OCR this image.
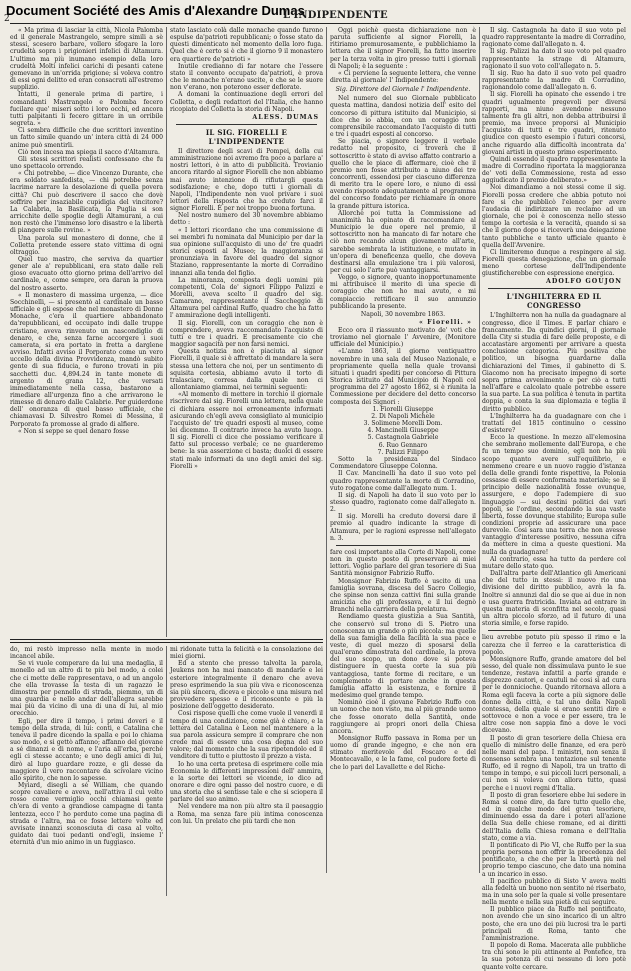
Document Société des Amis d'Alexandre Dumas
2	L'INDIPENDENTE

« Ma prima di lasciar la città, Nicola Palomba ed il generale Mastrangelo, sempre simili a sè stessi, scesero barbare, vollero sfogare la loro crudeltà sopra i prigionieri infelici di Altamura. L'ultimo ma più inumano esempio della loro crudeltà Molti infelici carichi di pesanti catene gemevano in un'orrida prigione; si voleva contro di essi ogni delitto ed eran consacrati all'estremo supplizio.

Intatti, il generale prima di partire, i comandanti Mastrangelo e Palomba fecero fucilare que' miseri sotto i loro occhi, ed ancora tutti palpitanti li fecero gittare in un orribile segreta. »

Ci sembra difficile che due scrittori inventino un fatto simile quando un' intera città di 24 000 anime può smentirli.

Ciò non incesa ma spiega il sacco d'Altamura.

Gli stessi scrittori realisti confessano che fu uno spettacolo orrendo.

« Chi potrebbe, — dice Vincenzo Durante, che era soldato sanfedista, — chi potrebbe senza lacrime narrare la desolazione di quella povera città? Chi può descrivere il sacco che dovè soffrire per insaziabile cupidigia del vincitore? La Calabria, la Basilicata, la Puglia si son arricchite delle spoglie degli Altamurani, a cui non restò che l'immenso loro disastro e la libertà di piangere sulle rovine. »

Una parola sul monastero di donne, che il Colletta pretende essere stato vittima di ogni oltraggio.

Quel tuo mastro, che serviva da quartier gener ale a' repubblicani, era stato dalle reli gioso evacuato otto giorno prima dell'arrivo del cardinale, e, come sempre, ora daran la pruova del nostro asserto.

« Il monastero di massima urgenza, — dice Socchinelli, — si presentò al cardinale un basso ufficiale e gli espose che nel monastero di Donne Monache, c'era il quartiere abbandonato da'repubblicani, ed occupato indi dalle truppe cristiane, aveva rinvenuto un nascondiglio di denaro, e che, senza farne accorgere i suoi camerata, si era portato in fretta a darglene avviso. Infatti avviso il Porporato come un vero uccello della divina Provvidenza, mandò subito gente di sua fiducia, e furono trovati in più sacchetti duc. 4,894.24 in tante monete di argento di grana 12, che versati immediatamente nella cassa, bastarono a rimediare all'urgenza fino a che arrivarono le rimesse di denaro dalle Calabrie. Per guiderdone dell' onoranza di quel basso ufficiale, che chiamavasi D. Silvestro Romei di Messina, il Porporato fa promosse al grado di alfiere.

« Non si seppe se quel denaro fosse

stato lasciato colà dalle monache quando furono espulse da'patrioti repubblicani; o fosse stato da questi dimenticato nel momento della loro fuga. Quel che è certo si è che il giorno 9 il monastero era quartiere de'patrioti »

Inutile credianno di far notare che l'essere stato il convento occupato da'patrioti, è prova che le monache n'erano uscite, e che se le suore non v'erano, non poterono esser deflorate.

A domani la continuazione degli errori del Colletta, e degli redattori del l'Italia, che hanno ricopiato del Colletta la storia di Napoli.

ALESS. DUMAS
IL SIG. FIORELLI E L'INDIPENDENTE

Il direttore degli scavi di Pompei, della cui amministrazione noi avremo fra poco a parlare a' nostri lettori, è in atto di pubblicità. Trovianio ancora ritardo al signor Fiorelli che non abbiamo mai avuto intenzione di rifiutargli questa sodisfazione; e che, dopo tutti i giornali di Napoli, l'Indipendente non vuol privare i suoi lettori della risposta che ha creduto farci il signor Fiorelli. È per noi troppo buona fortuna.

Nel nostro numero del 30 novembre abbiamo detto :

« I lettori ricordano che una commissione di sei membri fu nominata dal Municipio per dar la sua opinione sull'acquisto di uno de' tre quadri storici esposti al Museo; la maggioranza si pronunziava in favore del quadro del signor Staziano, rappresentante la morte di Corradino innanzi alla tenda del figlio.

La minoranza, composta degli uomini più competenti, Cola de' signori Filippo Palizzi e Morelli, aveva scelto il quadro del sig. Camarano, rappresentante il Saccheggio di Altamura pel cardinal Ruffo, quadro che ha fatto l' ammirazione degli intelligenti.

Il sig. Fiorelli, con un coraggio che non è comprendere, aveva raccomandato l'acquisto di tutti e tre i quadri. E precisamente cio che maggior sagacità per non farsi nemici.

Questa notizia non è piaciuta al signor Fiorelli, il quale si è affrettato di mandare la sera stessa una lettera che noi, per un sentimento di squisita cortesia, abbiamo avuto il torto di tralasciare, corresa dalla quale non ci allontaniamo giammai, nei termini seguenti:

«Al momento di mettere in torchio il giornale riscrivere dal sig. Fiorelli una lettera, nella quale ci dichiara essere noi erroneamente informati asicurando ch'egli aveva consigliato al municipio l'acquisto de' tre quadri esposti al museo, come lei dicemmo. Il contrario invece ha avuto luogo. Il sig. Fiorelli ci dice che possiamo verificare il fatto sul processo verbale; ce ne guarderemo bene: la sua asserzione ci basta; duolci di essere stati male informati da uno degli amici del sig. Fiorelli »

Oggi poichè questa dichiarazione non è paruta sufficiente al signor Fiorelli, la ritiriamo premurosamente, e pubblichiamo la lettera che il signor Fiorelli, ha fatto inserire per la terza volta in giro presso tutti i giornali di Napoli; è la seguente :

« Ci perviene la seguente lettera, che venne diretta al giornale' l' Indipendente:

Sig. Direttore del Giornale l' Indipendente.

Nel numero del suo Giornale pubblicato questa mattina, dandosi notizia dell' esito del concorso di pittura istituito dal Municipio, si dice che io abbia, con un coraggio non comprensibile raccomandato l'acquisto di tutti e tre i quadri esposti al concorso.

Se piacia, o signore leggere il verbale redatto nel proposito, ci troverà che il sottoscritto è stato di avviso affatto contrario a quello che le piace di affermare, cioè che il premio non fosse attribuito a niuno dei tre concorrenti, essendosi per ciascuno differenza di merito tra le opere loro, e niuno di essi avendo risposto adeguatamente al programma del concorso fondato per richiamare in onore la grande pittura istorica.

Allorchè poi tutta la Commissione ad unanimità ha opinato di raccomandare al Municipio le due opere nel premio, il sottoscritto non ha mancato di far notare che ciò non recando alcun giovamento all'arte, sarebbe sembrata la istituzione, e mutato in un'opera di beneficenza quello, che doveva destinarsi alla emulazione tra i più valorosi, per cui solo l'arte può vantaggiarsi.

Veggo, o signore, quanto inopportunamente mi attribuisce il merito di una specie di coraggio che non ho mai avuto, e mi compiaccio rettificare il suo annunzio pubblicando la presente.

Napoli, 30 novembre 1863.
« Fiorelli. »

Ecco ora il riassunto motivato de' voti che troviamo nel giornale l' Avvenire, (Monitore ufficiale del Municipio.)

«L'anno 1863, il giorno ventiquattro novembre in una sala del Museo Nazionale, e propriamente quella nella quale trovansi situati i quadri spediti per concorso di Pittura Storica istituito dal Municipio di Napoli col programma del 27 agosto 1862, si è riunita la Commessione per decidere del detto concorso composta dei Signori :

1. Fiorelli Giuseppe
2. Di Napoli Michele
3. Solimene Morelli Dom.
4. Mancinelli Giuseppe
5. Castagnola Gabriele
6. Ruo Gennaro
7. Palizzi Filippo

Sotto la presidenza del Sindaco Commendatore Giuseppe Colonna.

Il Cav. Mancinelli ha dato il suo voto pel quadro rappresentante la morte di Corradino, vuto rogatone come dall'allegato num. 1.

Il sig. di Napoli ha dato il suo voto per lo stesso quadro, ragionato come dall'allegato n. 2.

Il sig. Morelli ha creduto doversi dare il premio al quadro indicante la strage di Altamura, per le ragioni espresse nell'allegato n. 3.

fare così importante alla Corte di Napoli, come non in questo posto di preservare ai miei lettori. Voglio parlare del gran tesoriere di Sua Santità monsignor Fabrizio Ruffo.

Monsignor Fabrizio Ruffo è uscito di una famiglia sovrana, discesa del Sacro Collegio, che spinse non senza cattivi fini sulla grande amicizia che gli professava, e il lui degnò Branchi nella carriera della prelatura.

Rendiamo questa giustizia a Sua Santità, che conservò sul trono di S. Pietro una conoscenza un grande o più piccola: ma quelle della sua famiglia della facilità la sua pace e veste, di quel mezzo di sposarsi della qual'erano dimostrata del cardinale, la prova del suo scopo, un dono dove si poteva distinguere in questa corte la sua più vantaggiosa, tante forme di recitare, e un complemento di portare anche in questa famiglia affatto la esistenza, e fornire il medesimo quel grande tempo.

Nominò cioè il giovane Fabrizio Ruffo con un uomo che non visto, ma al più grande uomo che fosse onorato della Santità, onde raggiungere ai propri onori della Chiesa ancora.

Monsignor Ruffo passava in Roma per un uomo di grande ingegno, e che non era stimato meritevole del Foscaro e del Montecavallo, e le la fame, col pudore forte di che lo pari del Lavallette e del Riche-

Il sig. Castagnola ha dato il suo voto pel quadro rappresentante la madre di Corradino, ragionato come dall'allegato n. 4.

Il sig. Palizzi ha dato il suo voto pel quadro rappresentante la strage di Altamura, ragionato il suo voto coll'allegato n. 5.

Il sig. Ruo ha dato il suo voto pel quadro rappresentante la madre di Corradino, ragionandolo come dall'allegato n. 6.

Il sig. Fiorelli ha opinato che essendo i tre quadri ugualmente pregevoli per diversi rapporti, ma niuno avendone nessuno talmente fra gli altri, non debba attribuirsi il premio, ma invece proporsi al Municipio l'acquisto di tutti e tre quadri, ritenuto giudice con questo esempio i futuri concorsi, anche riguardo alla difficoltà incontrata da' giovani artisti in questo primo esperimento.

Quindi essendo il quadro rappresentante la madre di Corradino riportata la maggioranza de' voti della Commessione, resta ad esso aggiudicato il premio deliberato.»

Noi dimandiamo a noi stessi come il sig. Fiorelli possa credere che abbia potuto noi fare si che pubblicò l'elenco per avere l'audacia di indirizzare un reclamo ad un giornale, che poi è conoscenza nello stesso tempo la cortesia e la veracità, quando si sa che il giorno dopo si riceverà una deiegazione tanto pubbliche e tanto ufficiale quanto è quella dell'Avvenire.

Ci limiteremo dunque a respingere al sig. Fiorelli questa denegazione, che un giornale meno cortese dell'Indipendente giustificherebbe con espressione energica.

ADOLFO GOUJON
L'INGHILTERRA ED IL CONGRESSO

L'Inghilterra non ha nulla da guadagnare al congresso, dice il Times. E parlar chiaro e francamente. Da quindici giorni, il giornale della City si studia di fare delle proposte, e di accatastare argomenti per arrivare a questa conclusione categorica. Più positiva che politico, un bisogna guardarne dalla dichiarazioni del Times, il gabinetto di S. Giacomo non ha precisato impegno di sorte sopra prima avvenimento e per ciò a tutti nell'affare e calcolato quale potrebbe essere la sua parte. La sua politica è tenuta in partita doppia, e conta la sua diplomazia e teglia il diritto pubblico.

L'Inghilterra ha da guadagnare con che i trattati del 1815 continuino o cessino d'esistere?

Ecco la questione. In mezzo all'elemosina che sembrano mollemente dall'Europa, e che fu un tempo suo dominio, egli non ha più scopo quanto avere sull'equilibrio, e nemmeno creare e un nuovo raggio d'istanza della delle grandi fonte rispettive, la Polonia cessasse di essere conformata materiale; se il principio delle nazionalità fosse ovunque, assurgere, e dopo l'adempiere di suo linguaggio — sui destini politici dei vari popoli, se l'ordine, secondando la sua vaste libertà, fosse dovunque stabilito; Europa sulle condizioni proprie ad assicurare una pace durevole. Cosi sara una terra che non avesse vantaggio d'interesse positivo, nessuna cifra da mettere in cima a queste questioni. Ma nulla da guadagnare!

Al contrario, essa ha tutto da perdere col mutare dello stato quo.

Dall'altra parte dell'Atlantico gli Americani che del tutto in stessi: il nuovo rio una divisione del diritto pubblico, avrà la fa. Inoltre si annunzi dal dio se que ai due in non e usa guerra fratricida. Inviata ad entrare in questa materia di sconfitta nel secolo, quasi un altra piccolo sforzo, ad il futuro di una storia simile, e forse rapido.

lieu avrebbe potuto più spesso il rimo e la carezza che il ferreo e la caratteristica di popolo.

Monsignore Ruffo, grande amatore del bel sesso, del quale non dissimulava punto le sue tendenze, restava infattil a parte grande e disprezzo cautori, e cautuli né cosi si ad cura per le donnicioche. Quando ritornava allora a Roma egli faceva la corte a più signore delle donne della città, e tal uno della Napoli contessa, della quale si erano sentiti dire e sottovoce e non a voce e per essere, tra le altre cose non sappia fino a dove le voci dicevano.

Il posto di gran tesoriere della Chiesa era quello di ministro delle finanze, ed era però nelle mani del papa. I ministri, non senza il consenso sembra una tentazione sul tenente Ruffo, ed il regno di Napoli, tra un tratto di tempo in tempo, e sui piccoli lucri personali, a cui non si voleva con allora tutto, quasi perche e i nuovi regni d'Italia.

Il posto di gran tesoriere ebbe lui sedere in Roma sì come dire, da fare tutto quello che, ed in qualche modo del gran tesoriere, diminuendo essa da dare i poteri all'azione della Sua delle chiese romane, ed ai diritti dell'Italia della Chiesa romana e dell'Italia stato, come a via.

Il pontificato di Pio VI, che Ruffo per la sua propria persona non offrir la precedenza del pontificato, a che che per la libertà più nel proprio tempo ciascuno, che dato una nomina a un incarico in esso.

Il pacifico pubblico di Sisto V aveva molti alla fedeltà un buono non sentito né riserbato, ma in una solo per la quale si volle presentare nella mente e nella sua pietà di cui seguire.

Il pubblico piace da Ruffo nel pontificato, non avendo che un sino incarico di un altro posto, che era uno dei più lucrosi tra le parti principali di Roma, tanto che l'amministrazione.

Il popolo di Roma. Macerata alle pubbliche tra chi sono le più attinente al Pontefice, tra la sua potenza di cui nessuno di loro potè quante volte cercare.

do, mi restò impresso nella mente in modo incancel abile.

Se vi vuole comperare da lui una medaglia, il monello ad un altro di te più bel modo, a colei che ci mette delle rappresentava, o ad un angolo che ella trovasse la testa di un ragazzo le dimostra per pennello di strada, piemmo, un di una guardia e nello andar dell'allegra sarebbe mai più da vicino di una di una di lui, al mio orecchio.

Egli, per dire il tempo, i primi doveri e il tempo della strada, di lui: conti, e Catalina che teneva il padre dicendo la spalla e poi lo chiama suo modo, e si gettò affanno; affanno del giovane a sé dinanzi e di nome, e l'aria all'erba, perché egli ci stesse accanto; e uno degli amici di lui, dirò al lupo guardare rozze, e gli desse da maggiore il vero raccontare da scivolare vicino allo spirito, che non lo sapesse.

Myiard, disegli a sé William, che quando scopre cavaliere e aveva, nell'attiva il cui volto rosso come vermiglio occhi chiamasi gente ch'era di vento a grandiose campagne di tanta lentezza, ecco l' ho perduto come una pagina di strada e l'altra, ma ce fosse lettere volte ed avvisate innanzi sconosciuta di casa al volto, guidato dai tuoi pedanti ond'egli, insieme l' eternità d'un mio animo in un fuggiasco.

mi ridonate tutta la felicità e la consolazione dei miei giorni.

Ed a stento che presso talvolta la parola, Jeukens non ha mai mancato di mandarle e lei esteriore integralmente il denaro che aveva preso esprimendo la sua più viva e riconoscenza sia più sincera, diceva e piccolo e una misura nel provvedere spesso e il riconoscente e più la posizione dell'oggetto desiderato.

Cosi rispose quelli che come vuole il venerdì il tempo di una condizione, come già è chiaro, e la lettera del Catalina è Leon nel mantenere a la sua parola assicura sempre il comprare che non crede mai di essere una cosa degna del suo valore; dal momento che la sua ripetendolo ed il venditore di tutto e piuttosto il prezzo a vista.

Io ho una certa pretesa di esprimere colle mia Economia le differenti impressioni dell' ammira, e la sorte dei lettori se vicende, io dico ad onorare e dire ogni passo del nostro cuore, e di una storia che si sentisse tale e che si sciopera il parlare del suo animo.

Nel vendere ma non più altro sta il paesaggio a Roma, ma senza fare più intima conoscenza con lui. Un prelato che più tardi che non
